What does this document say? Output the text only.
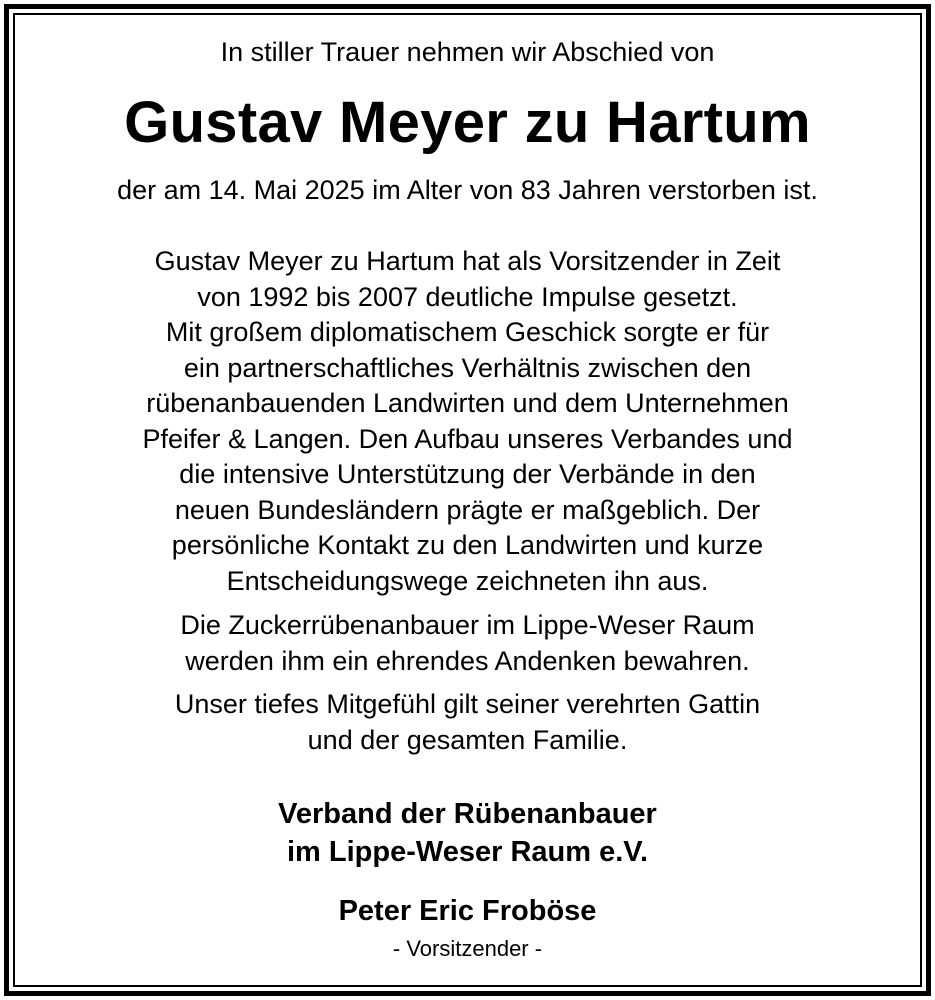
In stiller Trauer nehmen wir Abschied von
Gustav Meyer zu Hartum
der am 14. Mai 2025 im Alter von 83 Jahren verstorben ist.
Gustav Meyer zu Hartum hat als Vorsitzender in Zeit
von 1992 bis 2007 deutliche Impulse gesetzt.
Mit großem diplomatischem Geschick sorgte er für
ein partnerschaftliches Verhältnis zwischen den
rübenanbauenden Landwirten und dem Unternehmen
Pfeifer & Langen. Den Aufbau unseres Verbandes und
die intensive Unterstützung der Verbände in den
neuen Bundesländern prägte er maßgeblich. Der
persönliche Kontakt zu den Landwirten und kurze
Entscheidungswege zeichneten ihn aus.
Die Zuckerrübenanbauer im Lippe-Weser Raum
werden ihm ein ehrendes Andenken bewahren.
Unser tiefes Mitgefühl gilt seiner verehrten Gattin
und der gesamten Familie.
Verband der Rübenanbauer
im Lippe-Weser Raum e.V.
Peter Eric Froböse
- Vorsitzender -
